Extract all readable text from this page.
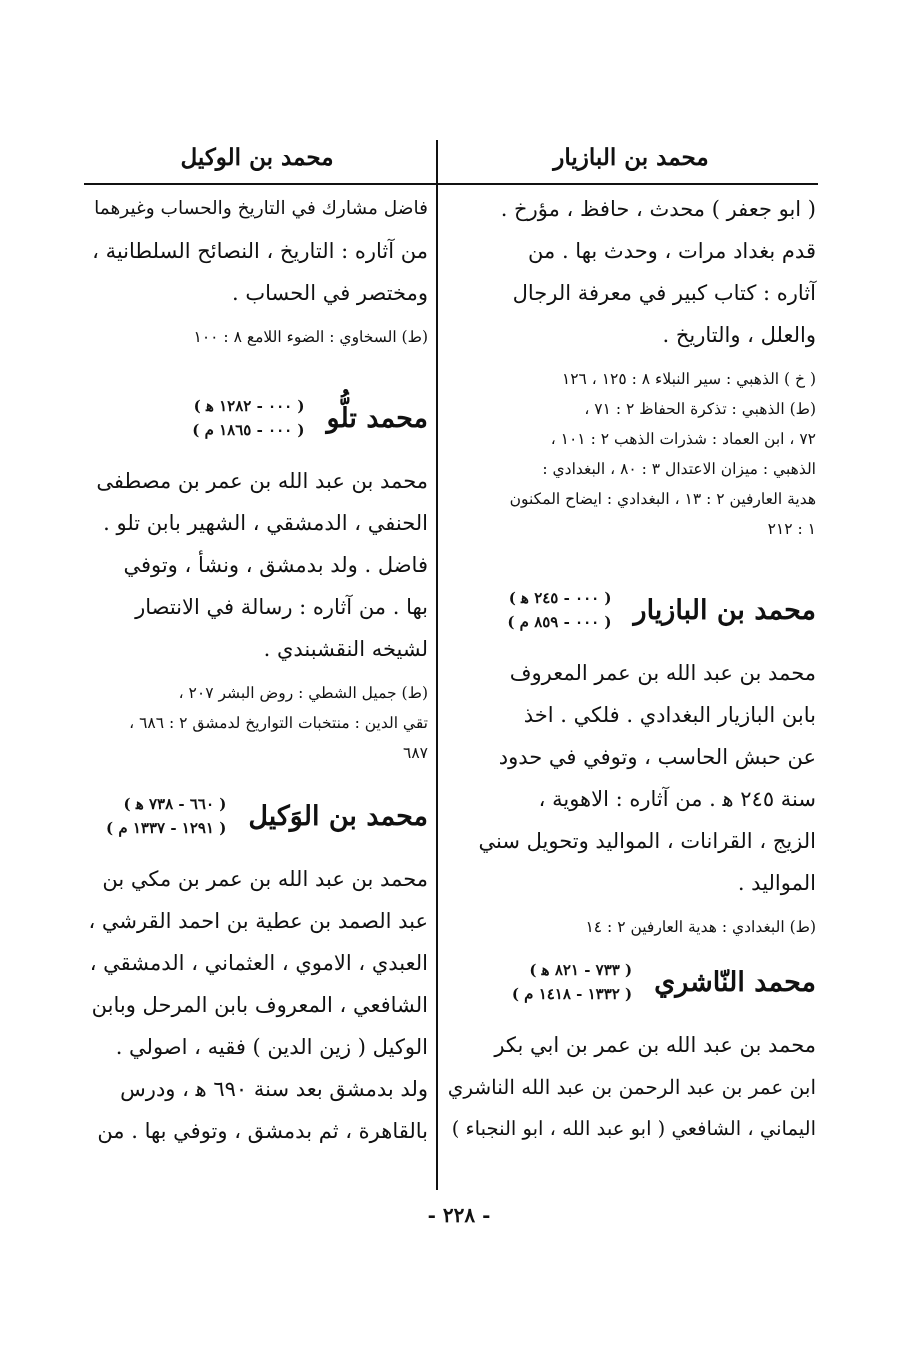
محمد بن البازيار
محمد بن الوكيل

( ابو جعفر ) محدث ، حافظ ، مؤرخ .

قدم بغداد مرات ، وحدث بها . من

آثاره : كتاب كبير في معرفة الرجال

والعلل ، والتاريخ .

( خ ) الذهبي : سير النبلاء ٨ : ١٢٥ ، ١٢٦

(ط) الذهبي : تذكرة الحفاظ ٢ : ٧١ ،

٧٢ ، ابن العماد : شذرات الذهب ٢ : ١٠١ ،

الذهبي : ميزان الاعتدال ٣ : ٨٠ ، البغدادي :

هدية العارفين ٢ : ١٣ ، البغدادي : ايضاح المكنون

١ : ٢١٢

محمد بن البازيار
( ٠٠٠ - ٢٤٥ ﻫ )
( ٠٠٠ - ٨٥٩ م )

محمد بن عبد الله بن عمر المعروف

بابن البازيار البغدادي . فلكي . اخذ

عن حبش الحاسب ، وتوفي في حدود

سنة ٢٤٥ ﻫ . من آثاره : الاهوية ،

الزيج ، القرانات ، المواليد وتحويل سني

المواليد .

(ط) البغدادي : هدية العارفين ٢ : ١٤

محمد النّاشري
( ٧٣٣ - ٨٢١ ﻫ )
( ١٣٣٢ - ١٤١٨ م )

محمد بن عبد الله بن عمر بن ابي بكر

ابن عمر بن عبد الرحمن بن عبد الله الناشري

اليماني ، الشافعي ( ابو عبد الله ، ابو النجباء )

فاضل مشارك في التاريخ والحساب وغيرهما

من آثاره : التاريخ ، النصائح السلطانية ،

ومختصر في الحساب .

(ط) السخاوي : الضوء اللامع ٨ : ١٠٠

محمد تلُّو
( ٠٠٠ - ١٢٨٢ ﻫ )
( ٠٠٠ - ١٨٦٥ م )

محمد بن عبد الله بن عمر بن مصطفى

الحنفي ، الدمشقي ، الشهير بابن تلو .

فاضل . ولد بدمشق ، ونشأ ، وتوفي

بها . من آثاره : رسالة في الانتصار

لشيخه النقشبندي .

(ط) جميل الشطي : روض البشر ٢٠٧ ،

تقي الدين : منتخبات التواريخ لدمشق ٢ : ٦٨٦ ،

٦٨٧

محمد بن الوَكيل
( ٦٦٠ - ٧٣٨ ﻫ )
( ١٢٩١ - ١٣٣٧ م )

محمد بن عبد الله بن عمر بن مكي بن

عبد الصمد بن عطية بن احمد القرشي ،

العبدي ، الاموي ، العثماني ، الدمشقي ،

الشافعي ، المعروف بابن المرحل وبابن

الوكيل ( زين الدين ) فقيه ، اصولي .

ولد بدمشق بعد سنة ٦٩٠ ﻫ ، ودرس

بالقاهرة ، ثم بدمشق ، وتوفي بها . من

- ٢٢٨ -
